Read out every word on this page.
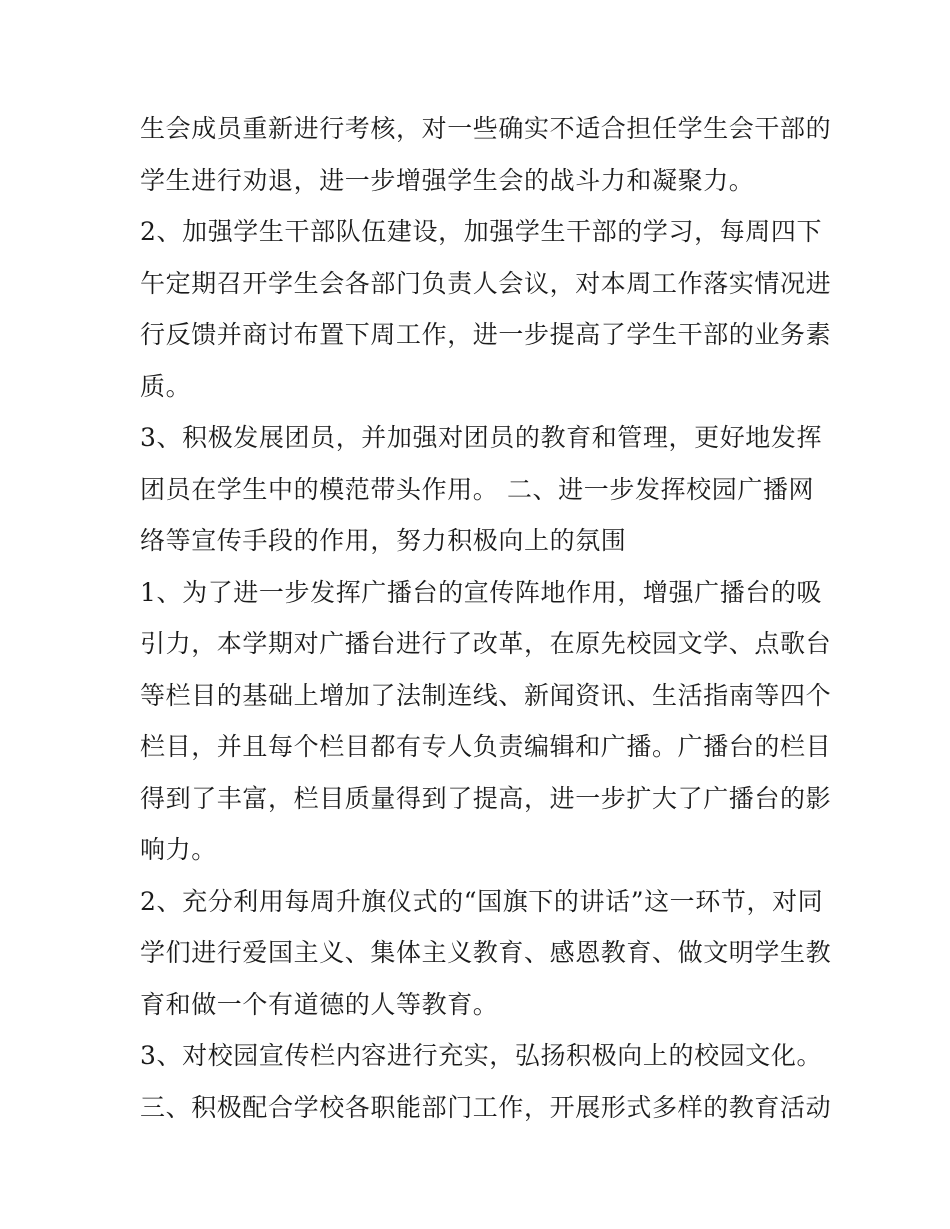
生会成员重新进行考核，对一些确实不适合担任学生会干部的
学生进行劝退，进一步增强学生会的战斗力和凝聚力。
2、加强学生干部队伍建设，加强学生干部的学习，每周四下
午定期召开学生会各部门负责人会议，对本周工作落实情况进
行反馈并商讨布置下周工作，进一步提高了学生干部的业务素
质。
3、积极发展团员，并加强对团员的教育和管理，更好地发挥
团员在学生中的模范带头作用。 二、进一步发挥校园广播网
络等宣传手段的作用，努力积极向上的氛围
1、为了进一步发挥广播台的宣传阵地作用，增强广播台的吸
引力，本学期对广播台进行了改革，在原先校园文学、点歌台
等栏目的基础上增加了法制连线、新闻资讯、生活指南等四个
栏目，并且每个栏目都有专人负责编辑和广播。广播台的栏目
得到了丰富，栏目质量得到了提高，进一步扩大了广播台的影
响力。
2、充分利用每周升旗仪式的“国旗下的讲话”这一环节，对同
学们进行爱国主义、集体主义教育、感恩教育、做文明学生教
育和做一个有道德的人等教育。
3、对校园宣传栏内容进行充实，弘扬积极向上的校园文化。
三、积极配合学校各职能部门工作，开展形式多样的教育活动
